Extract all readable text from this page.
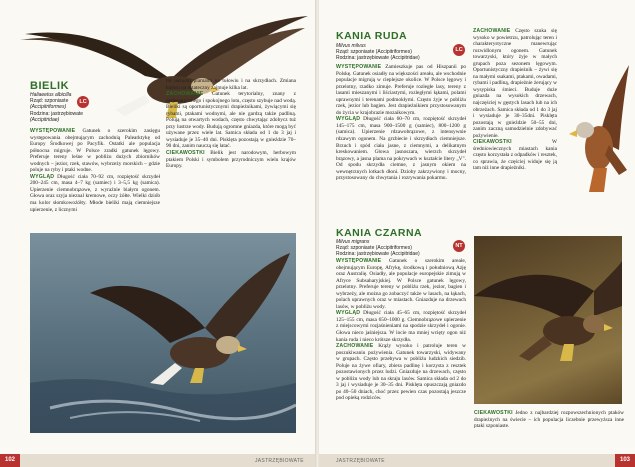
BIELIK
Haliaeetus albicilla
Rząd: szponiaste
(Accipitriformes)
Rodzina: jastrzębiowate
(Accipitridae)
LC
WYSTĘPOWANIE Gatunek o szerokim zasięgu występowania obejmującym zachodnią Palearktykę od Europy Środkowej po Pacyfik. Ostatki ale populacja północna migruje. W Polsce zradki gatunek lęgowy. Preferuje tereny leśne w pobliżu dużych zbiorników wodnych – jezior, rzek, stawów, wybrzeży morskich – gdzie poluje na ryby i ptaki wodne.
WYGLĄD Długość ciała 70–92 cm, rozpiętość skrzydeł 200–245 cm, masa 4–7 kg (samiec) i 3–5,5 kg (samica). Upierzenie ciemnobrązowe, z wyraźnie białym ogonem. Głowa oraz szyja nieznal kremowe, oczy żółte. Wielki dziób ma kolor słomkowożółty. Młode bieliki mają ciemniejsze upierzenie, z licznymi
mi jasnymi plamami na tułowiu i na skrzydłach. Zmiana koloru na ostateczny zajmuje kilka lat.
ZACHOWANIE Gatunek terytorialny, znany z majestatycznego i spokojnego lotu, często szybuje nad wodą. Bieliki są oportunistycznymi drapieżnikami, żywiącymi się rybami, ptakami wodnymi, ale nie gardzą także padliną. Polują na otwartych wodach, często chwytając zdobycz tuż przy lustrze wody. Budują ogromne gniazda, które mogą być używane przez wiele lat. Samica składa od 1 do 3 jaj i wysiaduje je 35–40 dni. Pisklęta pozostają w gnieździe 70–90 dni, zanim nauczą się latać.
CIEKAWOSTKI Bielik jest narodowym, herbowym ptakiem Polski i symbolem przyrodniczym wielu krajów Europy.
102	JASTRZĘBIOWATE
KANIA RUDA
Milvus milvus
Rząd: szponiaste (Accipitriformes)
Rodzina: jastrzębiowate (Accipitridae)
LC
WYSTĘPOWANIE Zamieszkuje pas od Hiszpanii po Polskę. Gatunek osiadły na większości areału, ale wschodnie populacje migrują w cieplejsze okolice. W Polsce lęgowy i przelotny, rzadko zimuje. Preferuje rozległe lasy, tereny z lasami mieszanymi i liściastymi, rozległymi łąkami, polami uprawnymi i terenami podmokłymi. Często żyje w pobliżu rzek, jezior lub bagien. Jest drapieżnikiem przystosowanym do życia w krajobrazie mozaikowym.
WYGLĄD Długość ciała 60–70 cm, rozpiętość skrzydeł 145–175 cm, masa 900–1500 g (samiec), 800–1200 g (samica). Upierzenie rdzawobrązowe, z intensywnie rdzawym ogonem. Na grzbiecie i skrzydłach ciemniejsze. Brzuch i spód ciała jasne, z ciemnymi, a delikatnym kreskowaniem. Głowa jasnoszara, wierzch skrzydeł brązowy, a jasna plama na pokrywach w kształcie litery „V". Od spodu skrzydła ciemne, z jasnym okiem na wewnętrznych lotkach dłoni. Dzioby zakrzywiony i mocny, przystosowany do chwytania i rozrywania pokarmu.
ZACHOWANIE Często szuka się wysoko w powietrzu, patrolując teren i charakterystyczne manewrując rozwidlonym ogonem. Gatunek towarzyski, który żyje w małych grupach poza sezonem lęgowym. Oportunistyczny drapieżnik – żywi się na małymi ssakami, ptakami, owadami, rybami i padliną, drapieżnie żerujący w wysypiska śmieci. Buduje duże gniazda na wysokich drzewach, najczęściej w gęstych lasach lub na ich obrzeżach. Samica składa od 1 do 3 jaj i wysiaduje je 30–35dni. Pisklęta pozostają w gnieździe 50–55 dni, zanim zaczną samodzielnie zdobywać pożywienie.
CIEKAWOSTKI	W średniowiecznych miastach kania często korzystała z odpadków i resztek, co sprawia, że częściej widuje się ją tam niż inne drapieżniki.
KANIA CZARNA
Milvus migrans
Rząd: szponiaste (Accipitriformes)
Rodzina: jastrzębiowate (Accipitridae)
NT
WYSTĘPOWANIE Gatunek o szerokim areale, obejmującym Europę, Afrykę, środkową i południową Azję oraz Australię. Osiadły, ale populacje europejskie zimują w Afryce Subsaharyjskiej. W Polsce gatunek lęgowy, przelotny. Preferuje tereny w pobliżu rzek, jezior, bagien i wybrzeży, ale można go zobaczyć także w lasach, na łąkach, polach uprawnych oraz w miastach. Gniazduje na drzewach lasów, w pobliżu wody.
WYGLĄD Długość ciała 45–65 cm, rozpiętość skrzydeł 125–155 cm, masa 650–1000 g. Ciemnobrązowe upierzenie z miejscowymi rozjaśnieniami na spodzie skrzydeł i ogonie. Głowa nieco jaśniejsza. W locie ma mniej wcięty ogon niż kania ruda i nieco krótsze skrzydła.
ZACHOWANIE Krąży wysoko i patroluje teren w poszukiwaniu pożywienia. Gatunek towarzyski, widywany w grupach. Często przebywa w pobliżu ludzkich siedzib. Poluje na żywe ofiary, zbiera padlinę i korzysta z resztek pozostawionych przez ludzi. Gniazduje na drzewach, często w pobliżu wody lub na skraju lasów. Samica składa od 2 do 3 jaj i wysiaduje je 30–35 dni. Pisklęta opuszczają gniazdo po 40–50 dniach, choć przez pewien czas pozostają jeszcze pod opieką rodziców.
CIEKAWOSTKI Jedno z najbardziej rozpowszechnionych ptaków drapieżnych na świecie – ich populacja liczebnie przewyższa inne ptaki szponiaste.
JASTRZĘBIOWATE	103
